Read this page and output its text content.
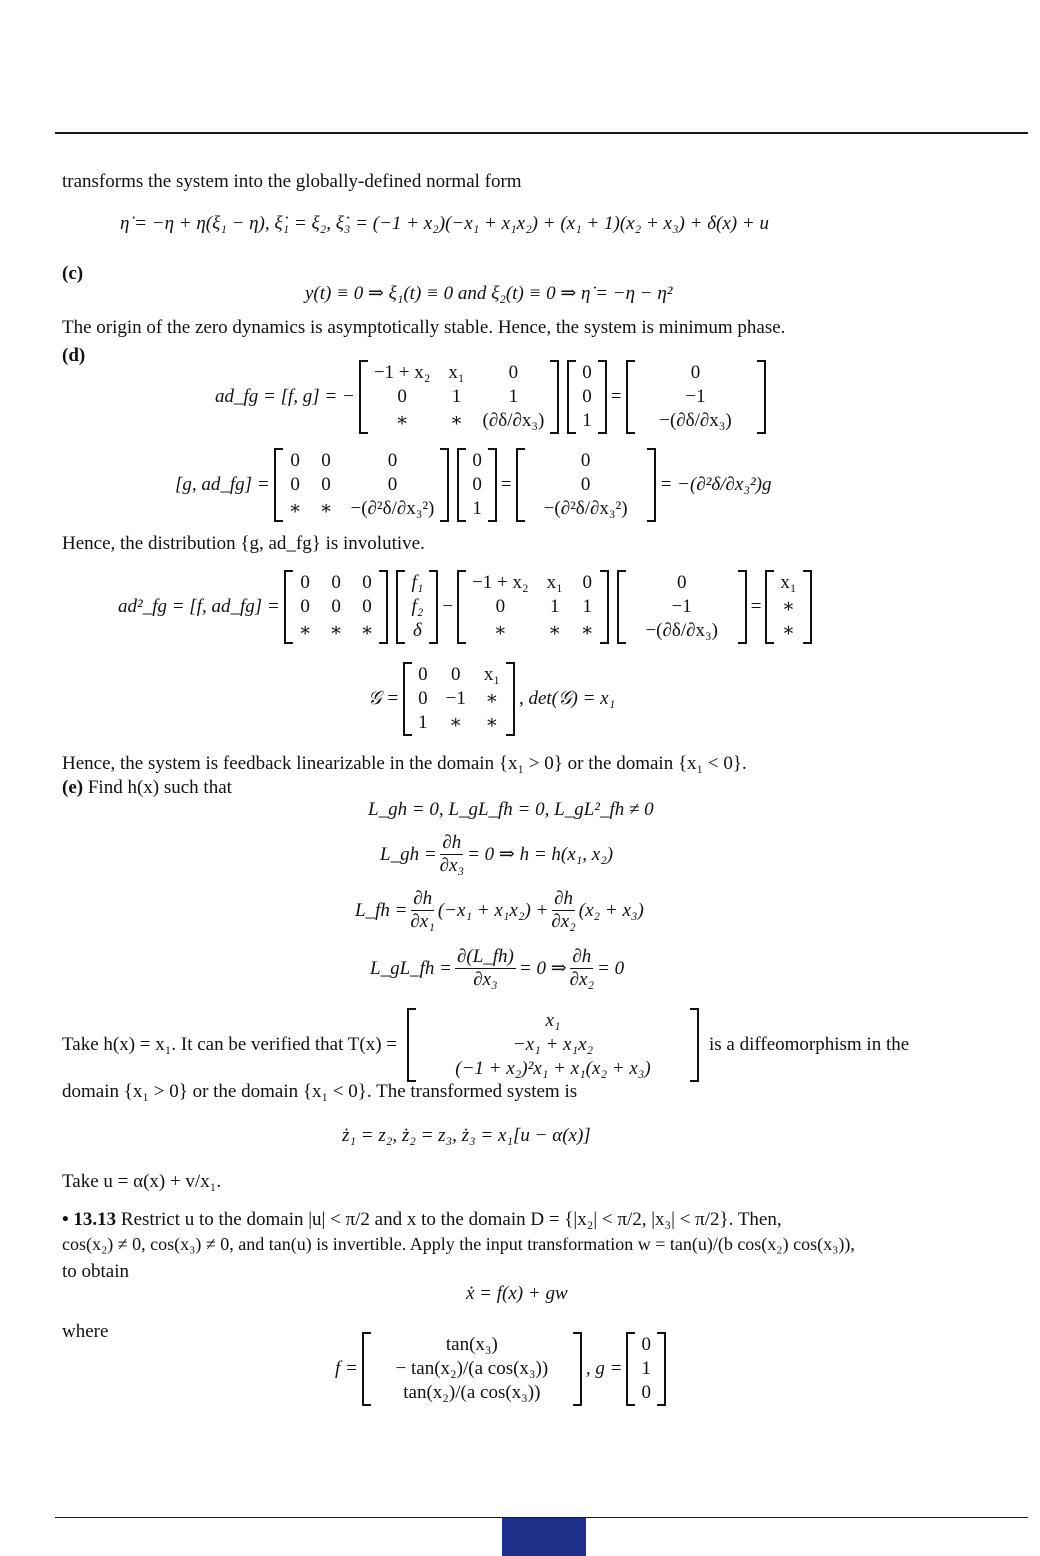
transforms the system into the globally-defined normal form
η̇ = −η + η(ξ₁ − η), ξ̇₁ = ξ₂, ξ̇₃ = (−1 + x₂)(−x₁ + x₁x₂) + (x₁ + 1)(x₂ + x₃) + δ(x) + u
(c)
y(t) ≡ 0 ⇒ ξ₁(t) ≡ 0 and ξ₂(t) ≡ 0 ⇒ η̇ = −η − η²
The origin of the zero dynamics is asymptotically stable. Hence, the system is minimum phase.
(d)
ad_fg = [f, g] = −
−1 + x₂ x₁	0
0	1	1
∗	∗ (∂δ/∂x₃)
0
0
1
=
0
−1
−(∂δ/∂x₃)
[g, ad_fg] =
0 0	0
0 0	0
∗ ∗ −(∂²δ/∂x₃²)
0
0
1
=
0
0
−(∂²δ/∂x₃²)
= −(∂²δ/∂x₃²)g
Hence, the distribution {g, ad_fg} is involutive.
ad²_fg = [f, ad_fg] =
0 0 0
0 0 0
∗ ∗ ∗
f₁
f₂
δ
−
−1 + x₂ x₁ 0
0	1 1
∗	∗ ∗
0
−1
−(∂δ/∂x₃)
=
x₁
∗
∗
𝒢 =
0 0 x₁
0 −1 ∗
1 ∗ ∗
, det(𝒢) = x₁
Hence, the system is feedback linearizable in the domain {x₁ > 0} or the domain {x₁ < 0}.
(e) Find h(x) such that
L_gh = 0, L_gL_fh = 0, L_gL²_fh ≠ 0
L_gh = $\frac{\partial h}{\text{∂x₃}} = 0$ ⇒ h = h(x₁, x₂)
L_fh = $\frac{\partial h}{\text{∂x₁}} (-x_1 + x_1x_2) + \frac{\partial h}{\text{∂x₂}} (x_2 + x_3)$
L_gL_fh = $\frac{\partial(L\_fh)}{\text{∂x₃}} = 0$ ⇒ $\frac{\partial h}{\text{∂x₂}} = 0$
Take h(x) = x₁. It can be verified that T(x) =
x₁
−x₁ + x₁x₂
(−1 + x₂)²x₁ + x₁(x₂ + x₃)
is a diffeomorphism in the
domain {x₁ > 0} or the domain {x₁ < 0}. The transformed system is
ż₁ = z₂, ż₂ = z₃, ż₃ = x₁[u − α(x)]
Take u = α(x) + v/x₁.
• 13.13 Restrict u to the domain |u| < π/2 and x to the domain D = {|x₂| < π/2, |x₃| < π/2}. Then,
cos(x₂) ≠ 0, cos(x₃) ≠ 0, and tan(u) is invertible. Apply the input transformation w = tan(u)/(b cos(x₂) cos(x₃)),
to obtain
ẋ = f(x) + gw
where
f =
tan(x₃)
− tan(x₂)/(a cos(x₃))
tan(x₂)/(a cos(x₃))
, g =
0
1
0
